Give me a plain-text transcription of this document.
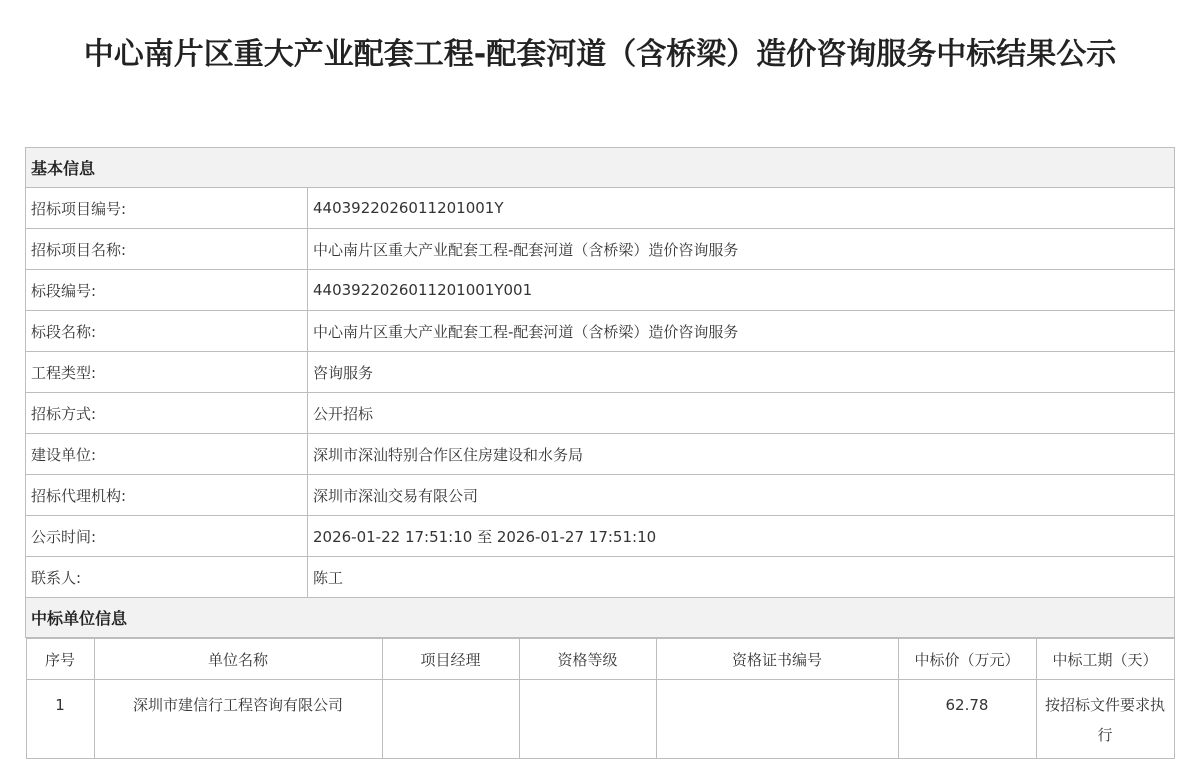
中心南片区重大产业配套工程-配套河道（含桥梁）造价咨询服务中标结果公示
基本信息
招标项目编号:	4403922026011201001Y
招标项目名称:	中心南片区重大产业配套工程-配套河道（含桥梁）造价咨询服务
标段编号:	4403922026011201001Y001
标段名称:	中心南片区重大产业配套工程-配套河道（含桥梁）造价咨询服务
工程类型:	咨询服务
招标方式:	公开招标
建设单位:	深圳市深汕特别合作区住房建设和水务局
招标代理机构:	深圳市深汕交易有限公司
公示时间:	2026-01-22 17:51:10 至 2026-01-27 17:51:10
联系人:	陈工
中标单位信息

序号	单位名称	项目经理	资格等级	资格证书编号	中标价（万元）	中标工期（天）
1	深圳市建信行工程咨询有限公司				62.78	按招标文件要求执行
